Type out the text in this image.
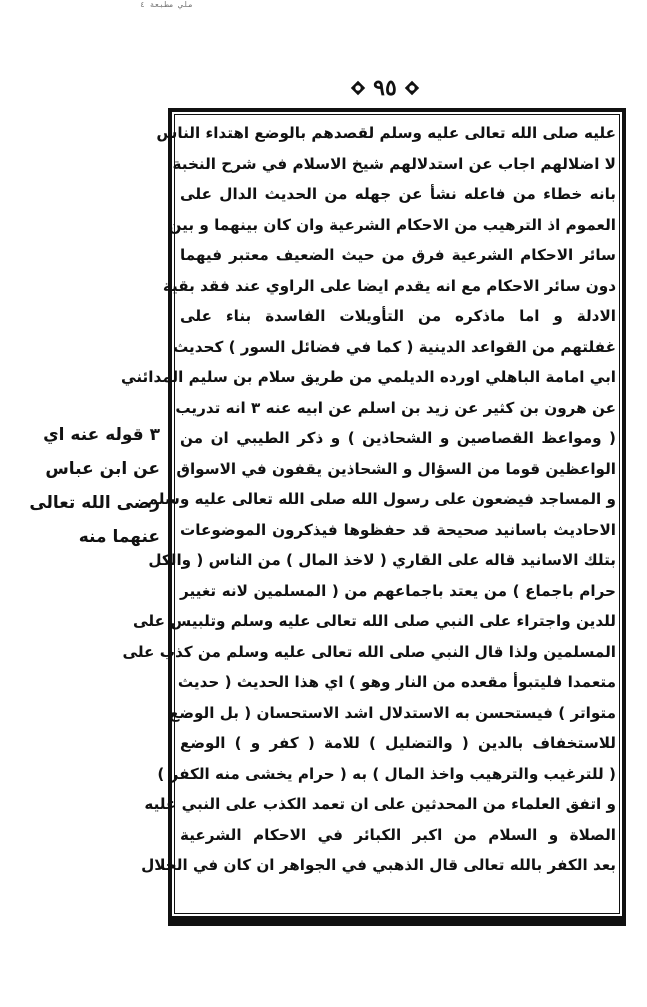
ملي مطبعة ٤
٩٥
عليه صلى الله تعالى عليه وسلم لقصدهم بالوضع اهتداء الناس
لا اضلالهم اجاب عن استدلالهم شيخ الاسلام في شرح النخبة
بانه خطاء من فاعله نشأ عن جهله من الحديث الدال على
العموم اذ الترهيب من الاحكام الشرعية وان كان بينهما و بين
سائر الاحكام الشرعية فرق من حيث الضعيف معتبر فيهما
دون سائر الاحكام مع انه يقدم ايضا على الراوي عند فقد بقية
الادلة و اما ماذكره من التأويلات الفاسدة بناء على
غفلتهم من القواعد الدينية ( كما في فضائل السور ) كحديث
ابي امامة الباهلي اورده الديلمي من طريق سلام بن سليم المدائني
عن هرون بن كثير عن زيد بن اسلم عن ابيه عنه ٣ انه تدريب
( ومواعظ القصاصين و الشحاذين ) و ذكر الطيبي ان من
الواعظين قوما من السؤال و الشحاذين يقفون في الاسواق
و المساجد فيضعون على رسول الله صلى الله تعالى عليه وسلم
الاحاديث باسانيد صحيحة قد حفظوها فيذكرون الموضوعات
بتلك الاسانيد قاله على القاري ( لاخذ المال ) من الناس ( والكل
حرام باجماع ) من يعتد باجماعهم من ( المسلمين لانه تغيير
للدين واجتراء على النبي صلى الله تعالى عليه وسلم وتلبيس على
المسلمين ولذا قال النبي صلى الله تعالى عليه وسلم من كذب على
متعمدا فليتبوأ مقعده من النار وهو ) اي هذا الحديث ( حديث
متواتر ) فيستحسن به الاستدلال اشد الاستحسان ( بل الوضع
للاستخفاف بالدين ( والتضليل ) للامة ( كفر و ) الوضع
( للترغيب والترهيب واخذ المال ) به ( حرام يخشى منه الكفر )
و اتفق العلماء من المحدثين على ان تعمد الكذب على النبي عليه
الصلاة و السلام من اكبر الكبائر في الاحكام الشرعية
بعد الكفر بالله تعالى قال الذهبي في الجواهر ان كان في الحلال
٣ قوله عنه اي
عن ابن عباس
رضى الله تعالى
عنهما منه
